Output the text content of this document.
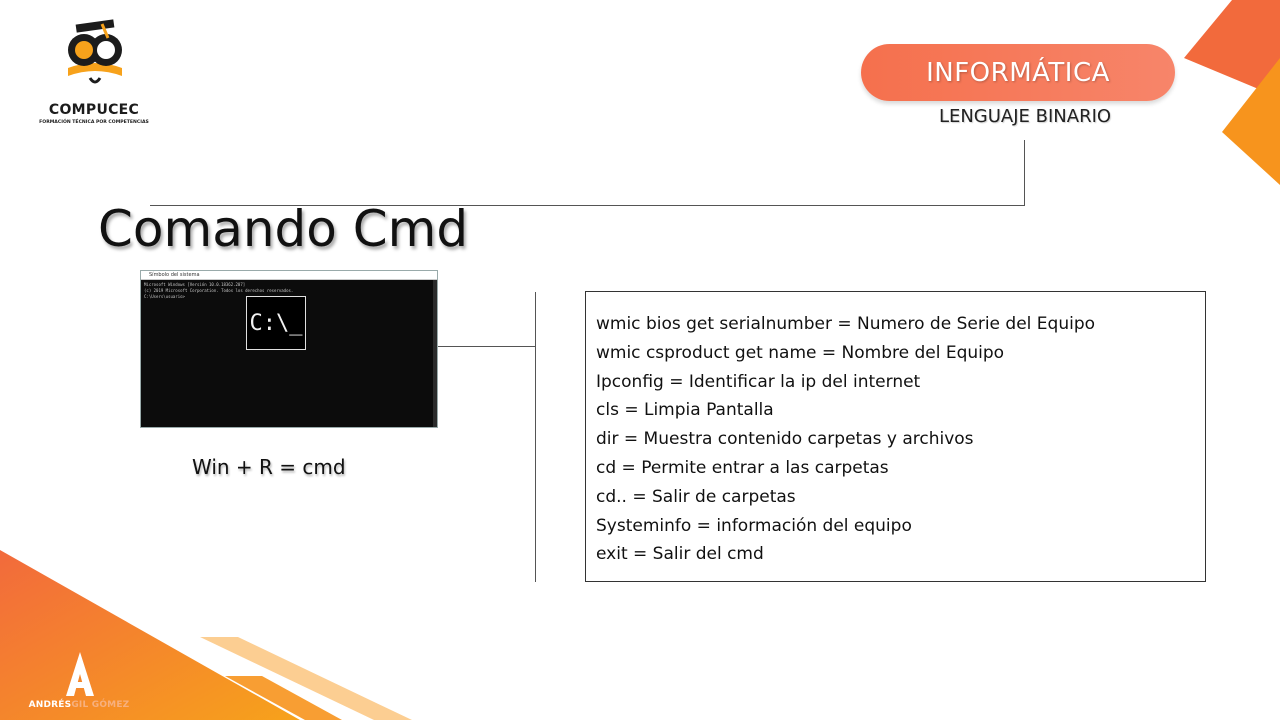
COMPUCEC
FORMACIÓN TÉCNICA POR COMPETENCIAS
INFORMÁTICA
LENGUAJE BINARIO
Comando Cmd
Símbolo del sistema
Microsoft Windows [Versión 10.0.18362.207]
(c) 2019 Microsoft Corporation. Todos los derechos reservados.
C:\Users\usuario>
C:\_
Win + R = cmd
wmic bios get serialnumber = Numero de Serie del Equipo
wmic csproduct get name = Nombre del Equipo
Ipconfig = Identificar la ip del internet
cls = Limpia Pantalla
dir = Muestra contenido carpetas y archivos
cd = Permite entrar a las carpetas
cd.. = Salir de carpetas
Systeminfo = información del equipo
exit = Salir del cmd
ANDRÉSGIL GÓMEZ
